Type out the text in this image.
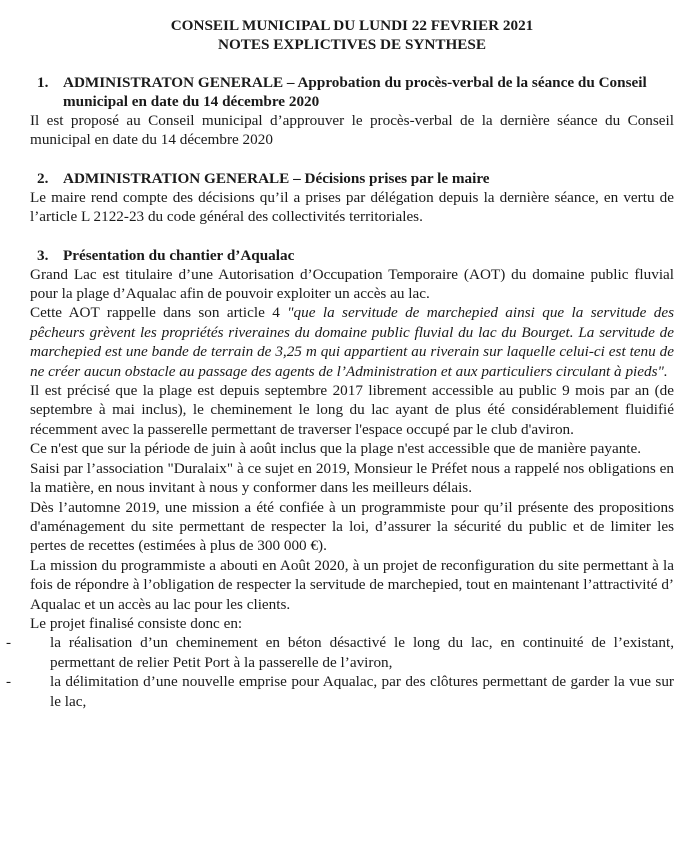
CONSEIL MUNICIPAL DU LUNDI 22 FEVRIER 2021
NOTES EXPLICTIVES DE SYNTHESE
1. ADMINISTRATON GENERALE – Approbation du procès-verbal de la séance du Conseil municipal en date du 14 décembre 2020

Il est proposé au Conseil municipal d’approuver le procès-verbal de la dernière séance du Conseil municipal en date du 14 décembre 2020

2. ADMINISTRATION GENERALE – Décisions prises par le maire

Le maire rend compte des décisions qu’il a prises par délégation depuis la dernière séance, en vertu de l’article L 2122-23 du code général des collectivités territoriales.

3. Présentation du chantier d’Aqualac

Grand Lac est titulaire d’une Autorisation d’Occupation Temporaire (AOT) du domaine public fluvial pour la plage d’Aqualac afin de pouvoir exploiter un accès au lac.

Cette AOT rappelle dans son article 4 "que la servitude de marchepied ainsi que la servitude des pêcheurs grèvent les propriétés riveraines du domaine public fluvial du lac du Bourget. La servitude de marchepied est une bande de terrain de 3,25 m qui appartient au riverain sur laquelle celui-ci est tenu de ne créer aucun obstacle au passage des agents de l’Administration et aux particuliers circulant à pieds".

Il est précisé que la plage est depuis septembre 2017 librement accessible au public 9 mois par an (de septembre à mai inclus), le cheminement le long du lac ayant de plus été considérablement fluidifié récemment avec la passerelle permettant de traverser l'espace occupé par le club d'aviron.

Ce n'est que sur la période de juin à août inclus que la plage n'est accessible que de manière payante.

Saisi par l’association "Duralaix" à ce sujet en 2019, Monsieur le Préfet nous a rappelé nos obligations en la matière, en nous invitant à nous y conformer dans les meilleurs délais.

Dès l’automne 2019, une mission a été confiée à un programmiste pour qu’il présente des propositions d'aménagement du site permettant de respecter la loi, d’assurer la sécurité du public et de limiter les pertes de recettes (estimées à plus de 300 000 €).

La mission du programmiste a abouti en Août 2020, à un projet de reconfiguration du site permettant à la fois de répondre à l’obligation de respecter la servitude de marchepied, tout en maintenant l’attractivité d’ Aqualac et un accès au lac pour les clients.

Le projet finalisé consiste donc en:

-	la réalisation d’un cheminement en béton désactivé le long du lac, en continuité de l’existant, permettant de relier Petit Port à la passerelle de l’aviron,
-	la délimitation d’une nouvelle emprise pour Aqualac, par des clôtures permettant de garder la vue sur le lac,
